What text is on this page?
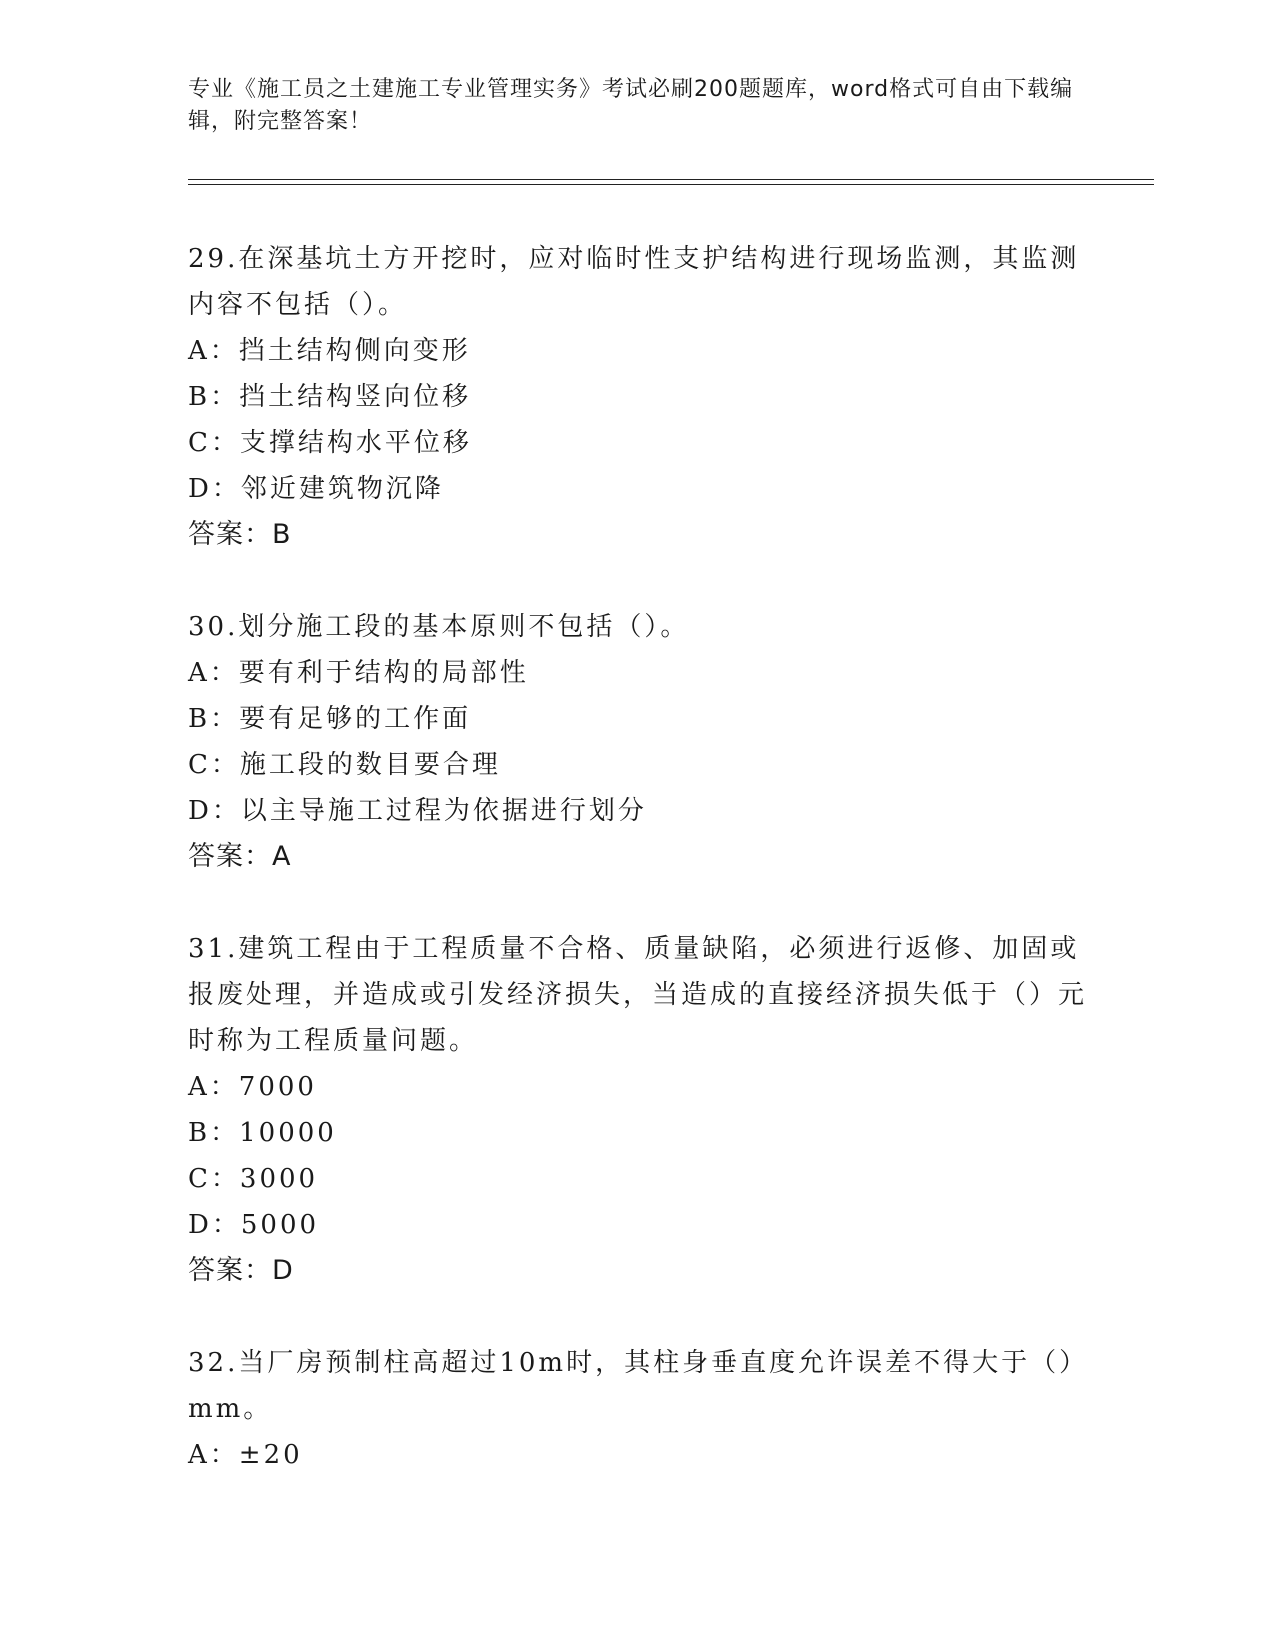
专业《施工员之土建施工专业管理实务》考试必刷200题题库，word格式可自由下载编辑，附完整答案！

29.在深基坑土方开挖时，应对临时性支护结构进行现场监测，其监测内容不包括（）。

A：挡土结构侧向变形

B：挡土结构竖向位移

C：支撑结构水平位移

D：邻近建筑物沉降

答案：B

30.划分施工段的基本原则不包括（）。

A：要有利于结构的局部性

B：要有足够的工作面

C：施工段的数目要合理

D：以主导施工过程为依据进行划分

答案：A

31.建筑工程由于工程质量不合格、质量缺陷，必须进行返修、加固或报废处理，并造成或引发经济损失，当造成的直接经济损失低于（）元时称为工程质量问题。

A：7000

B：10000

C：3000

D：5000

答案：D

32.当厂房预制柱高超过10m时，其柱身垂直度允许误差不得大于（）mm。

A：±20
